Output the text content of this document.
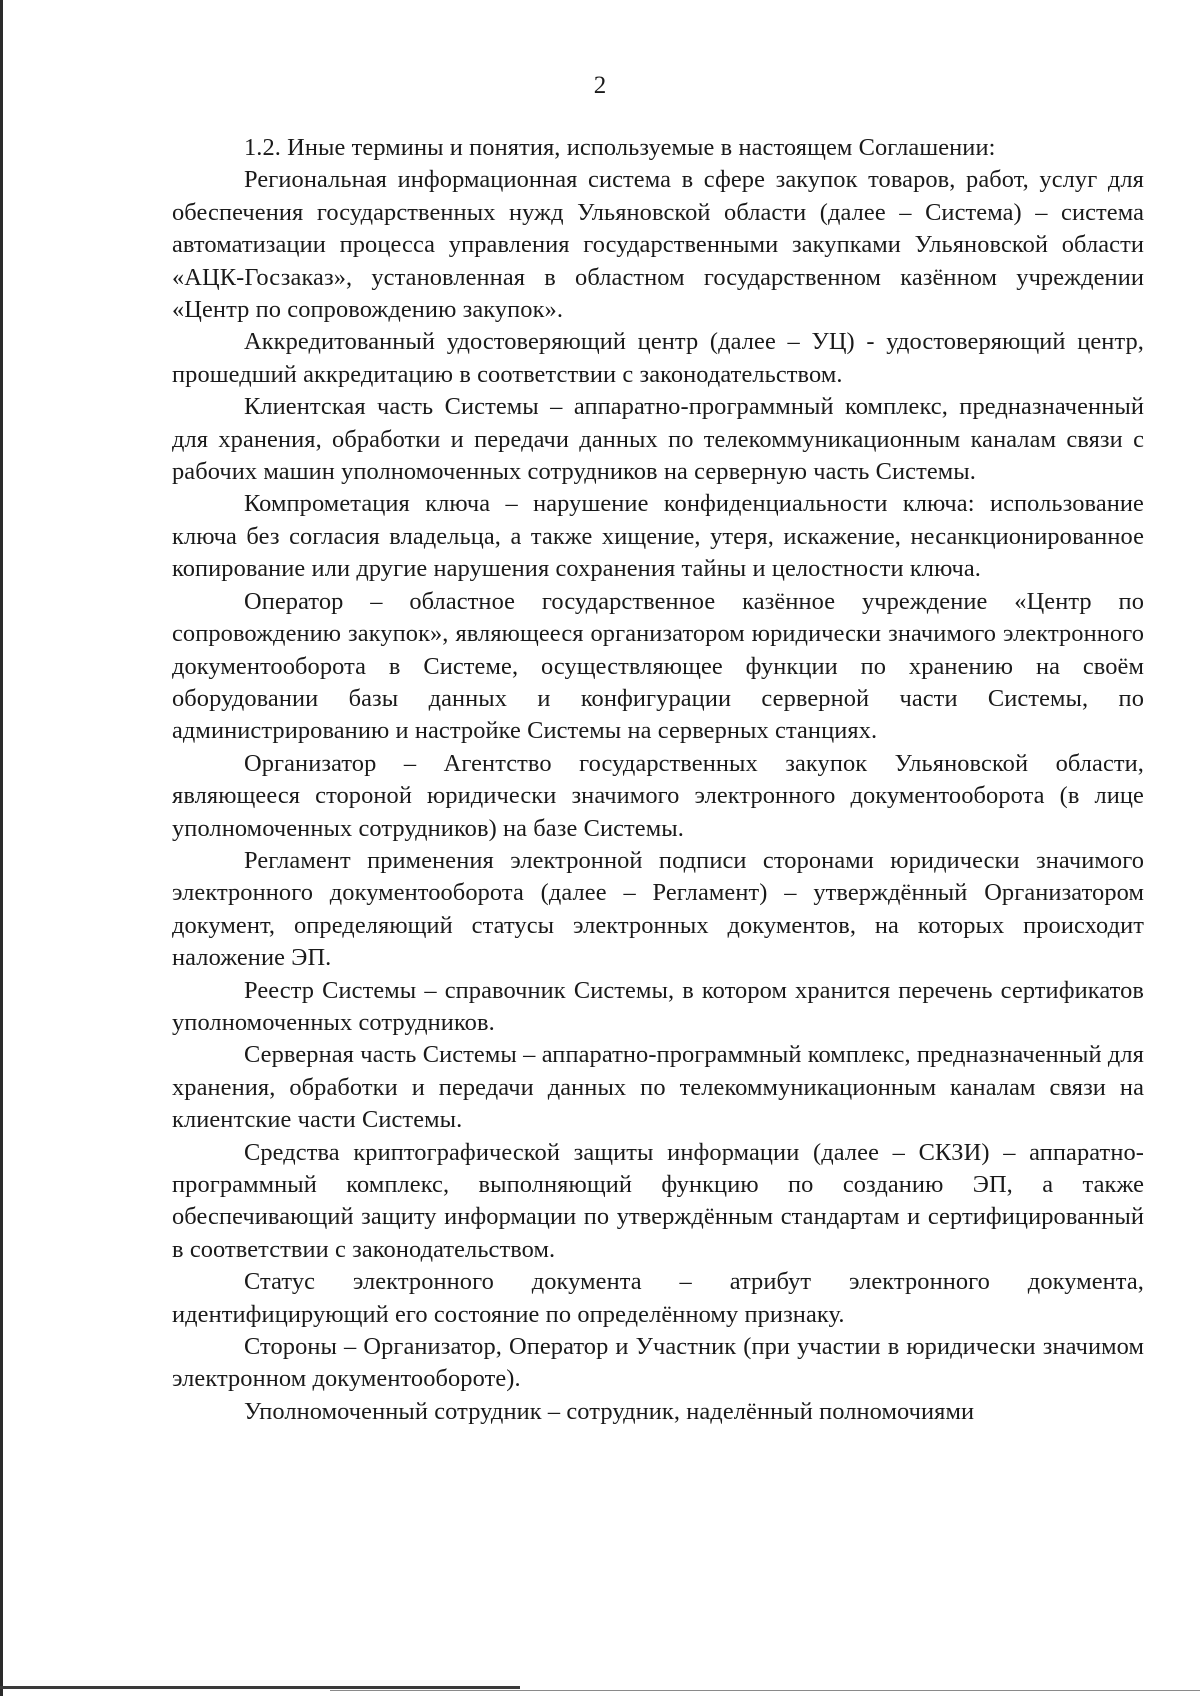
2

1.2. Иные термины и понятия, используемые в настоящем Соглашении:

Региональная информационная система в сфере закупок товаров, работ, услуг для обеспечения государственных нужд Ульяновской области (далее – Система) – система автоматизации процесса управления государственными закупками Ульяновской области «АЦК-Госзаказ», установленная в областном государственном казённом учреждении «Центр по сопровождению закупок».

Аккредитованный удостоверяющий центр (далее – УЦ) - удостоверяющий центр, прошедший аккредитацию в соответствии с законодательством.

Клиентская часть Системы – аппаратно-программный комплекс, предназначенный для хранения, обработки и передачи данных по телекоммуникационным каналам связи с рабочих машин уполномоченных сотрудников на серверную часть Системы.

Компрометация ключа – нарушение конфиденциальности ключа: использование ключа без согласия владельца, а также хищение, утеря, искажение, несанкционированное копирование или другие нарушения сохранения тайны и целостности ключа.

Оператор – областное государственное казённое учреждение «Центр по сопровождению закупок», являющееся организатором юридически значимого электронного документооборота в Системе, осуществляющее функции по хранению на своём оборудовании базы данных и конфигурации серверной части Системы, по администрированию и настройке Системы на серверных станциях.

Организатор – Агентство государственных закупок Ульяновской области, являющееся стороной юридически значимого электронного документооборота (в лице уполномоченных сотрудников) на базе Системы.

Регламент применения электронной подписи сторонами юридически значимого электронного документооборота (далее – Регламент) – утверждённый Организатором документ, определяющий статусы электронных документов, на которых происходит наложение ЭП.

Реестр Системы – справочник Системы, в котором хранится перечень сертификатов уполномоченных сотрудников.

Серверная часть Системы – аппаратно-программный комплекс, предназначенный для хранения, обработки и передачи данных по телекоммуникационным каналам связи на клиентские части Системы.

Средства криптографической защиты информации (далее – СКЗИ) – аппаратно-программный комплекс, выполняющий функцию по созданию ЭП, а также обеспечивающий защиту информации по утверждённым стандартам и сертифицированный в соответствии с законодательством.

Статус электронного документа – атрибут электронного документа, идентифицирующий его состояние по определённому признаку.

Стороны – Организатор, Оператор и Участник (при участии в юридически значимом электронном документообороте).

Уполномоченный сотрудник – сотрудник, наделённый полномочиями
